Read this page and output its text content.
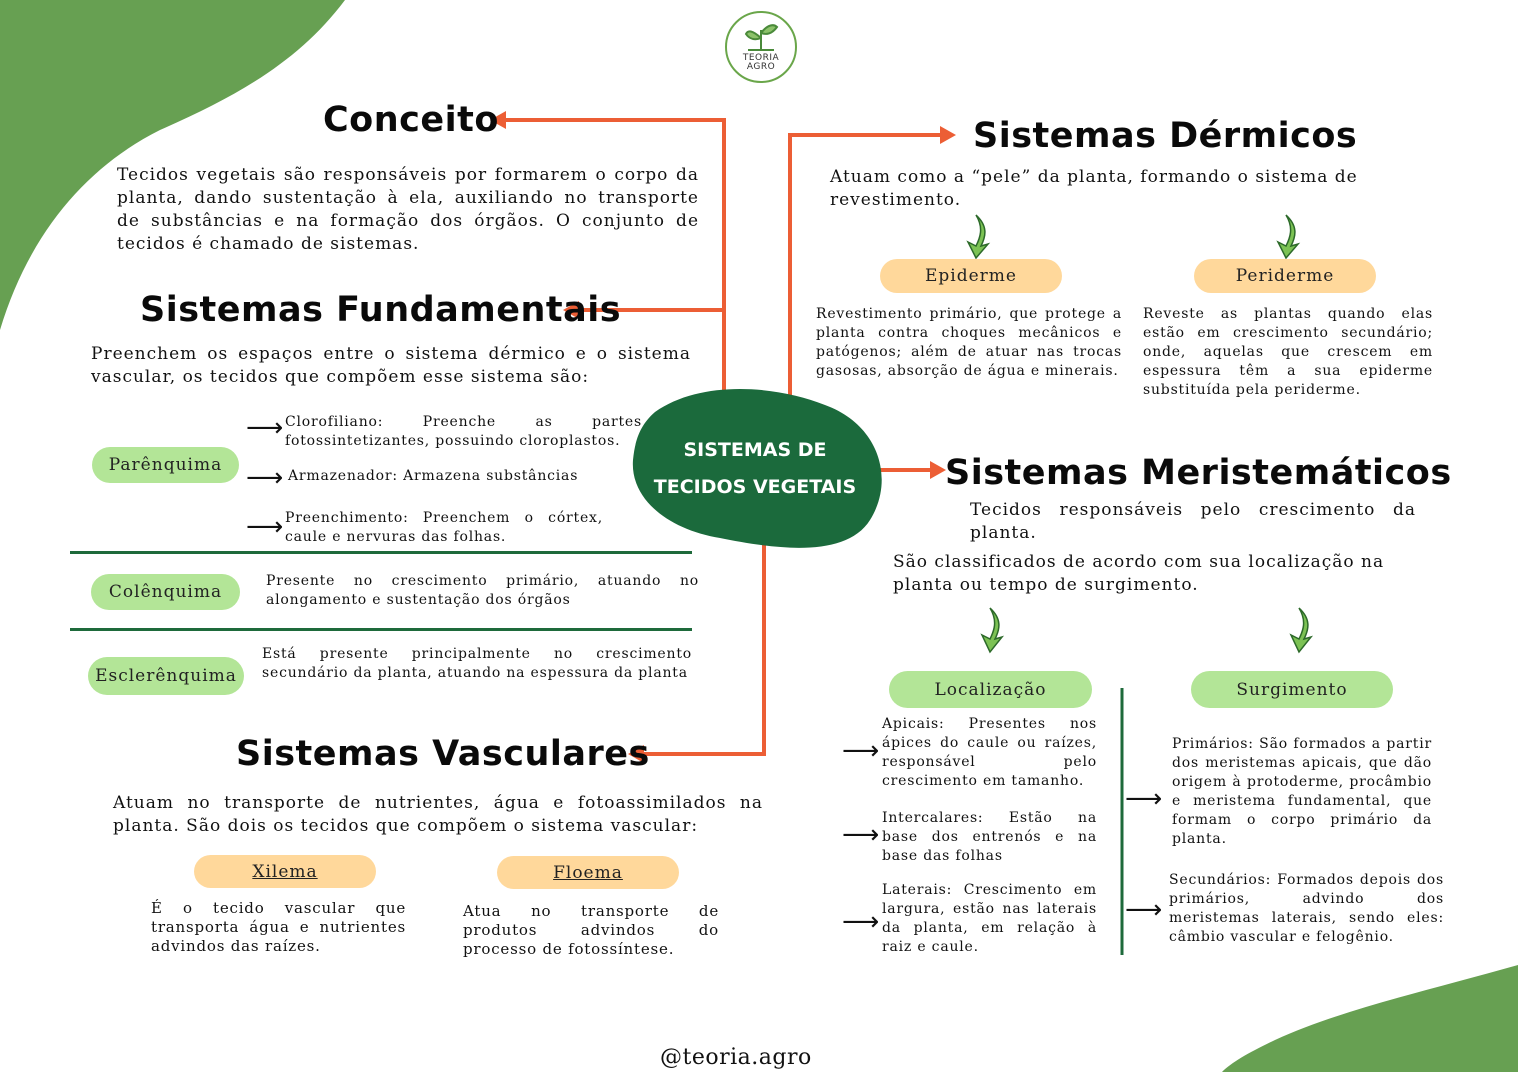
TEORIA
AGRO
SISTEMAS DE
TECIDOS VEGETAIS
Conceito
Tecidos vegetais são responsáveis por formarem o corpo da planta, dando sustentação à ela, auxiliando no transporte de substâncias e na formação dos órgãos. O conjunto de tecidos é chamado de sistemas.
Sistemas Fundamentais
Preenchem os espaços entre o sistema dérmico e o sistema vascular, os tecidos que compõem esse sistema são:
Parênquima
⟶ Clorofiliano: Preenche as partes fotossintetizantes, possuindo cloroplastos.
⟶ Armazenador: Armazena substâncias
⟶ Preenchimento: Preenchem o córtex, caule e nervuras das folhas.
Colênquima
Presente no crescimento primário, atuando no alongamento e sustentação dos órgãos
Esclerênquima
Está presente principalmente no crescimento secundário da planta, atuando na espessura da planta
Sistemas Vasculares
Atuam no transporte de nutrientes, água e fotoassimilados na planta. São dois os tecidos que compõem o sistema vascular:
Xilema
É o tecido vascular que transporta água e nutrientes advindos das raízes.
Floema
Atua no transporte de produtos advindos do processo de fotossíntese.
Sistemas Dérmicos
Atuam como a “pele” da planta, formando o sistema de revestimento.
Epiderme
Revestimento primário, que protege a planta contra choques mecânicos e patógenos; além de atuar nas trocas gasosas, absorção de água e minerais.
Periderme
Reveste as plantas quando elas estão em crescimento secundário; onde, aquelas que crescem em espessura têm a sua epiderme substituída pela periderme.
Sistemas Meristemáticos
Tecidos responsáveis pelo crescimento da planta.
São classificados de acordo com sua localização na planta ou tempo de surgimento.
Localização	Surgimento
⟶
Apicais: Presentes nos ápices do caule ou raízes, responsável pelo crescimento em tamanho.
⟶
Intercalares: Estão na base dos entrenós e na base das folhas
⟶
Laterais: Crescimento em largura, estão nas laterais da planta, em relação à raiz e caule.
⟶
Primários: São formados a partir dos meristemas apicais, que dão origem à protoderme, procâmbio e meristema fundamental, que formam o corpo primário da planta.
⟶
Secundários: Formados depois dos primários, advindo dos meristemas laterais, sendo eles: câmbio vascular e felogênio.
@teoria.agro
